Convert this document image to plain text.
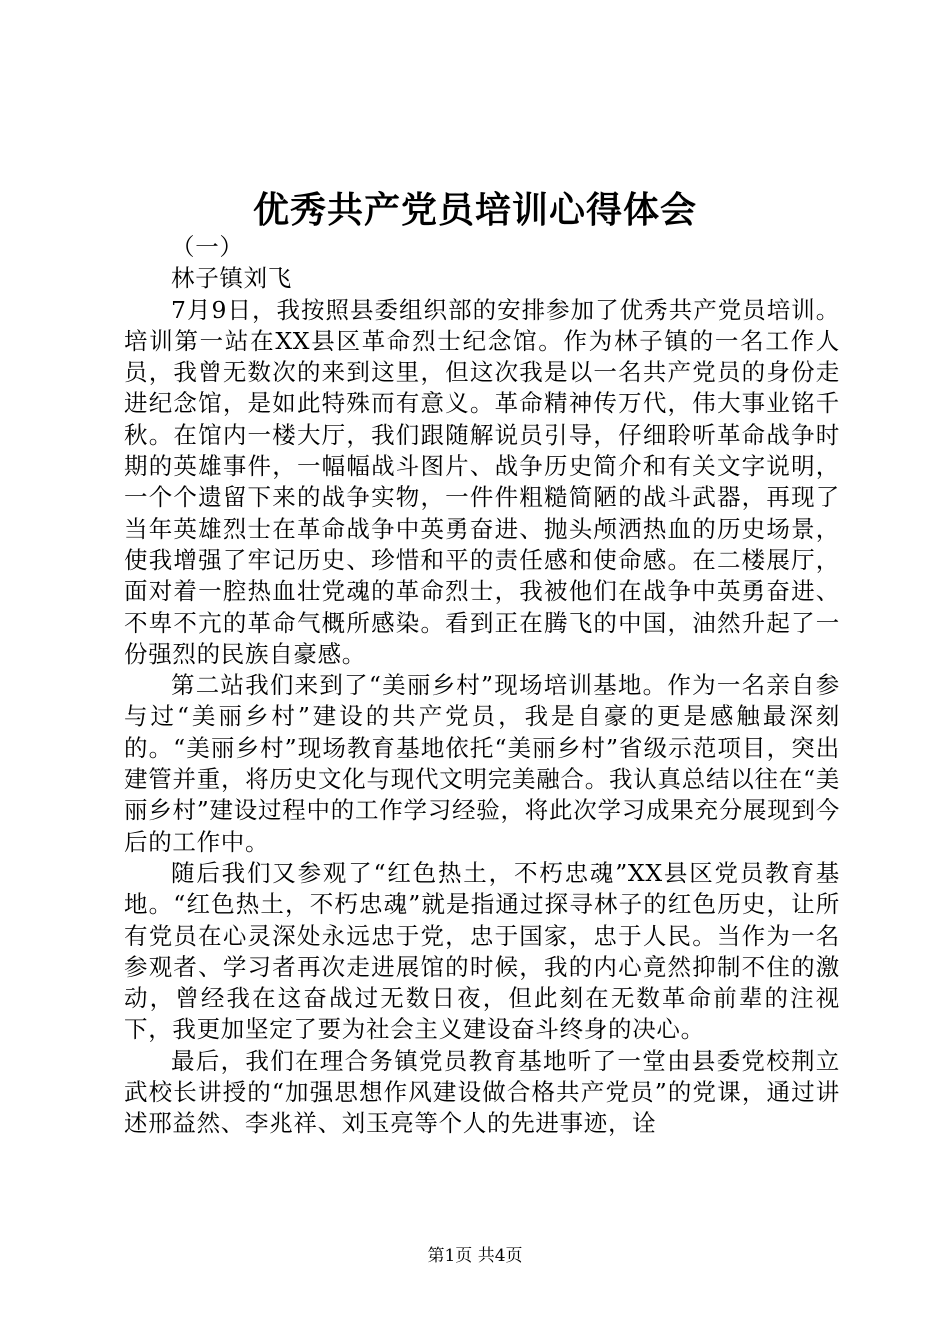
优秀共产党员培训心得体会

（一）

林子镇刘飞

7月9日，我按照县委组织部的安排参加了优秀共产党员培训。培训第一站在XX县区革命烈士纪念馆。作为林子镇的一名工作人员，我曾无数次的来到这里，但这次我是以一名共产党员的身份走进纪念馆，是如此特殊而有意义。革命精神传万代，伟大事业铭千秋。在馆内一楼大厅，我们跟随解说员引导，仔细聆听革命战争时期的英雄事件，一幅幅战斗图片、战争历史简介和有关文字说明，一个个遗留下来的战争实物，一件件粗糙简陋的战斗武器，再现了当年英雄烈士在革命战争中英勇奋进、抛头颅洒热血的历史场景，使我增强了牢记历史、珍惜和平的责任感和使命感。在二楼展厅，面对着一腔热血壮党魂的革命烈士，我被他们在战争中英勇奋进、不卑不亢的革命气概所感染。看到正在腾飞的中国，油然升起了一份强烈的民族自豪感。

第二站我们来到了“美丽乡村”现场培训基地。作为一名亲自参与过“美丽乡村”建设的共产党员，我是自豪的更是感触最深刻的。“美丽乡村”现场教育基地依托“美丽乡村”省级示范项目，突出建管并重，将历史文化与现代文明完美融合。我认真总结以往在“美丽乡村”建设过程中的工作学习经验，将此次学习成果充分展现到今后的工作中。

随后我们又参观了“红色热土，不朽忠魂”XX县区党员教育基地。“红色热土，不朽忠魂”就是指通过探寻林子的红色历史，让所有党员在心灵深处永远忠于党，忠于国家，忠于人民。当作为一名参观者、学习者再次走进展馆的时候，我的内心竟然抑制不住的激动，曾经我在这奋战过无数日夜，但此刻在无数革命前辈的注视下，我更加坚定了要为社会主义建设奋斗终身的决心。

最后，我们在理合务镇党员教育基地听了一堂由县委党校荆立武校长讲授的“加强思想作风建设做合格共产党员”的党课，通过讲述邢益然、李兆祥、刘玉亮等个人的先进事迹，诠

第1页 共4页
